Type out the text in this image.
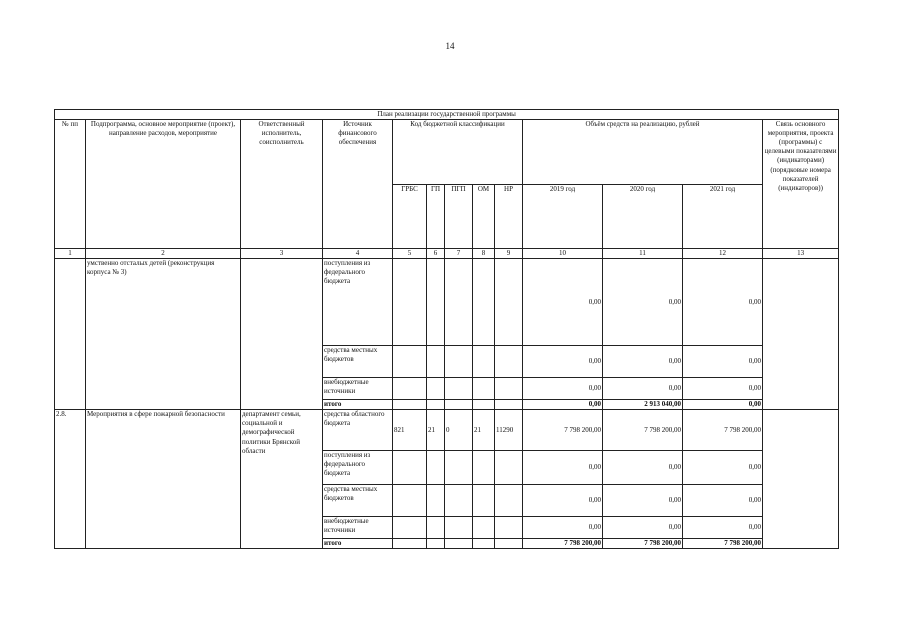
14
План реализации государственной программы												
№ пп	Подпрограмма, основное мероприятие (проект), направление расходов, мероприятие	Ответственный исполнитель, соисполнитель	Источник финансового обеспечения	Код бюджетной классификации					Объём средств на реализацию, рублей			Связь основного мероприятия, проекта (программы) с целевыми показателями (индикаторами) (порядковые номера показателей (индикаторов))
				ГРБС	ГП	ПГП	ОМ	НР	2019 год	2020 год	2021 год	
1	2	3	4	5	6	7	8	9	10	11	12	13
	умственно отсталых детей (реконструкция корпуса № 3)		поступления из федерального бюджета						0,00	0,00	0,00	
			средства местных бюджетов						0,00	0,00	0,00	
			внебюджетные источники						0,00	0,00	0,00	
			итого						0,00	2 913 040,00	0,00	
2.8.	Мероприятия в сфере пожарной безопасности	департамент семьи, социальной и демографической политики Брянской области	средства областного бюджета	821	21	0	21	11290	7 798 200,00	7 798 200,00	7 798 200,00	
			поступления из федерального бюджета						0,00	0,00	0,00	
			средства местных бюджетов						0,00	0,00	0,00	
			внебюджетные источники						0,00	0,00	0,00	
			итого						7 798 200,00	7 798 200,00	7 798 200,00	
